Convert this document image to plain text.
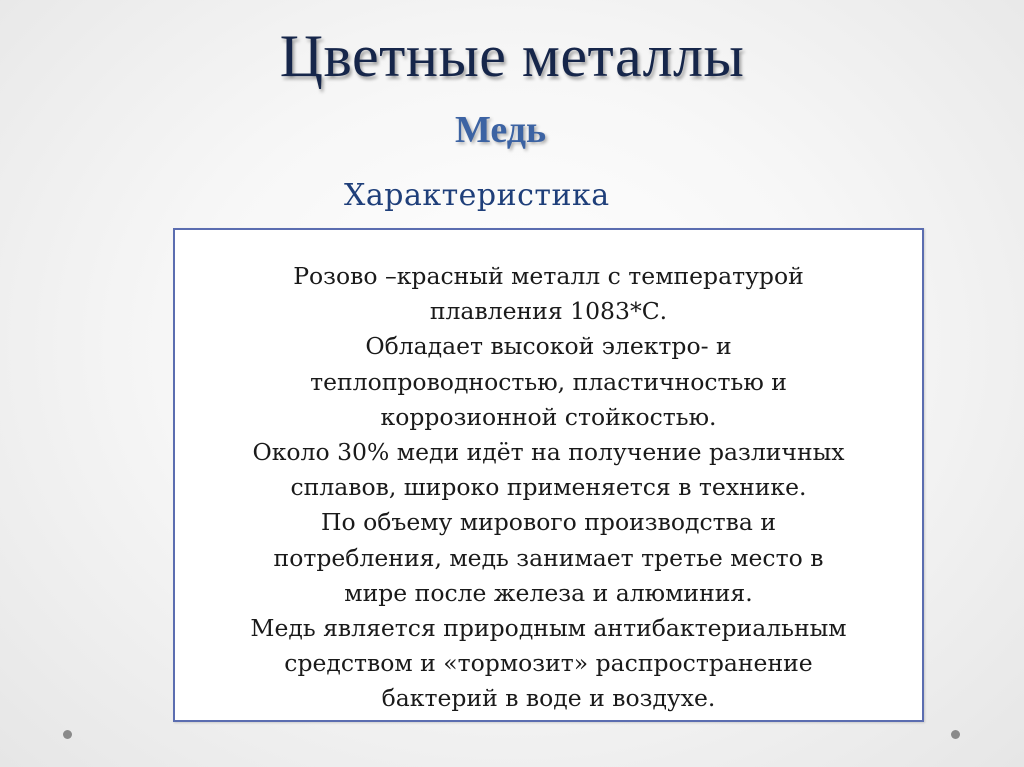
Цветные металлы
Медь
Характеристика

Розово –красный металл с температурой
плавления 1083*С.
Обладает высокой электро- и
теплопроводностью, пластичностью и
коррозионной стойкостью.
Около 30% меди идёт на получение различных
сплавов, широко применяется в технике.
По объему мирового производства и
потребления, медь занимает третье место в
мире после железа и алюминия.
Медь является природным антибактериальным
средством и «тормозит» распространение
бактерий в воде и воздухе.
